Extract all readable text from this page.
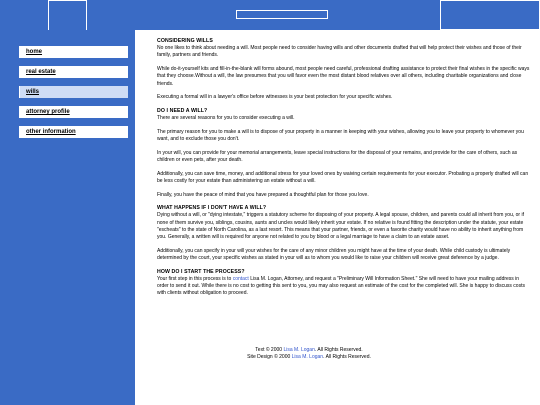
home
real estate
wills
attorney profile
other information
CONSIDERING WILLS

No one likes to think about needing a will. Most people need to consider having wills and other documents drafted that will help protect their wishes and those of their family, partners and friends.

While do-it-yourself kits and fill-in-the-blank will forms abound, most people need careful, professional drafting assistance to protect their final wishes in the specific ways that they choose.Without a will, the law presumes that you will favor even the most distant blood relatives over all others, including charitable organizations and close friends.

Executing a formal will in a lawyer's office before witnesses is your best protection for your specific wishes.

DO I NEED A WILL?

There are several reasons for you to consider executing a will.

The primary reason for you to make a will is to dispose of your property in a manner in keeping with your wishes, allowing you to leave your property to whomever you want, and to exclude those you don't.

In your will, you can provide for your memorial arrangements, leave special instructions for the disposal of your remains, and provide for the care of others, such as children or even pets, after your death.

Additionally, you can save time, money, and additional stress for your loved ones by waiving certain requirements for your executor. Probating a properly drafted will can be less costly for your estate than administering an estate without a will.

Finally, you have the peace of mind that you have prepared a thoughtful plan for those you love.

WHAT HAPPENS IF I DON'T HAVE A WILL?

Dying without a will, or "dying intestate," triggers a statutory scheme for disposing of your property. A legal spouse, children, and parents could all inherit from you, or if none of them survive you, siblings, cousins, aunts and uncles would likely inherit your estate. If no relative is found fitting the description under the statute, your estate "escheats" to the state of North Carolina, as a last resort. This means that your partner, friends, or even a favorite charity would have no ability to inherit anything from you. Generally, a written will is required for anyone not related to you by blood or a legal marriage to have a claim to an estate asset.

Additionally, you can specify in your will your wishes for the care of any minor children you might have at the time of your death. While child custody is ultimately determined by the court, your specific wishes as stated in your will as to whom you would like to raise your children will receive great deference by a judge.

HOW DO I START THE PROCESS?

Your first step in this process is to contact Lisa M. Logan, Attorney, and request a "Preliminary Will Information Sheet." She will need to have your mailing address in order to send it out. While there is no cost to getting this sent to you, you may also request an estimate of the cost for the completed will. She is happy to discuss costs with clients without obligation to proceed.

Text © 2000 Lisa M. Logan. All Rights Reserved.
Site Design © 2000 Lisa M. Logan. All Rights Reserved.
